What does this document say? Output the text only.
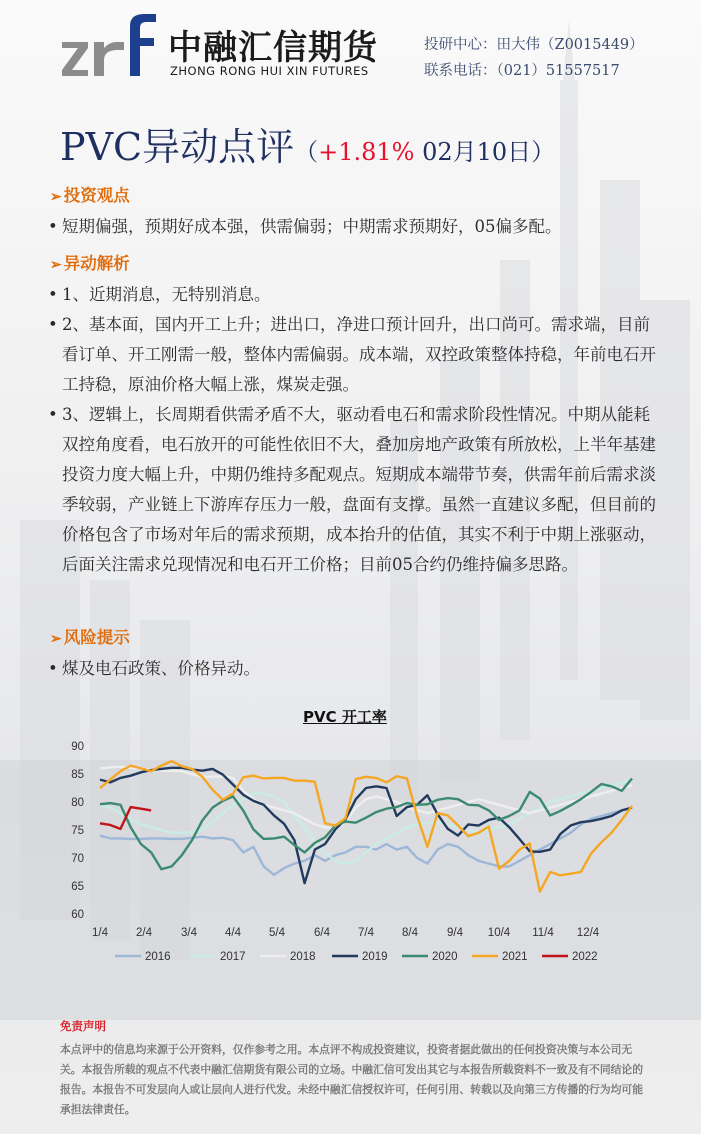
中融汇信期货
ZHONG RONG HUI XIN FUTURES
投研中心：田大伟（Z0015449）
联系电话：（021）51557517
PVC异动点评（+1.81% 02月10日）
➢ 投资观点
• 短期偏强，预期好成本强，供需偏弱；中期需求预期好，05偏多配。
➢ 异动解析
• 1、近期消息，无特别消息。
• 2、基本面，国内开工上升；进出口，净进口预计回升，出口尚可。需求端，目前看订单、开工刚需一般，整体内需偏弱。成本端，双控政策整体持稳，年前电石开工持稳，原油价格大幅上涨，煤炭走强。
• 3、逻辑上，长周期看供需矛盾不大，驱动看电石和需求阶段性情况。中期从能耗双控角度看，电石放开的可能性依旧不大，叠加房地产政策有所放松，上半年基建投资力度大幅上升，中期仍维持多配观点。短期成本端带节奏，供需年前后需求淡季较弱，产业链上下游库存压力一般，盘面有支撑。虽然一直建议多配，但目前的价格包含了市场对年后的需求预期，成本抬升的估值，其实不利于中期上涨驱动，后面关注需求兑现情况和电石开工价格；目前05合约仍维持偏多思路。
➢ 风险提示
• 煤及电石政策、价格异动。
PVC 开工率
60
65
70
75
80
85
90
1/4 2/4	3/4 4/4 5/4	6/4 7/4 8/4	9/4 10/4 11/4 12/4
2016	2017	2018	2019	2020	2021	2022
免责声明
本点评中的信息均来源于公开资料，仅作参考之用。本点评不构成投资建议，投资者据此做出的任何投资决策与本公司无关。本报告所载的观点不代表中融汇信期货有限公司的立场。中融汇信可发出其它与本报告所载资料不一致及有不同结论的报告。本报告不可发层向人或让层向人进行代发。未经中融汇信授权许可，任何引用、转载以及向第三方传播的行为均可能承担法律责任。
